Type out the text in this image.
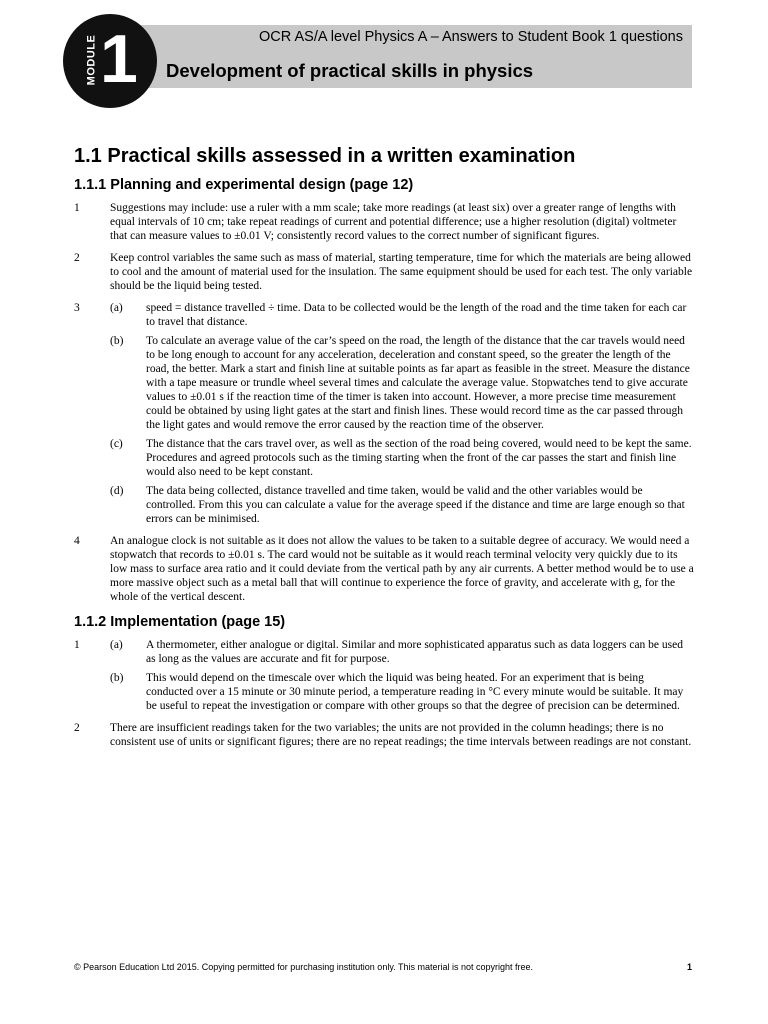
MODULE 1	OCR AS/A level Physics A – Answers to Student Book 1 questions
Development of practical skills in physics
1.1 Practical skills assessed in a written examination
1.1.1 Planning and experimental design (page 12)
1	Suggestions may include: use a ruler with a mm scale; take more readings (at least six) over a greater range of lengths with equal intervals of 10 cm; take repeat readings of current and potential difference; use a higher resolution (digital) voltmeter that can measure values to ±0.01 V; consistently record values to the correct number of significant figures.

2	Keep control variables the same such as mass of material, starting temperature, time for which the materials are being allowed to cool and the amount of material used for the insulation. The same equipment should be used for each test. The only variable should be the liquid being tested.

3	(a)	speed = distance travelled ÷ time. Data to be collected would be the length of the road and the time taken for each car to travel that distance.
(b)	To calculate an average value of the car’s speed on the road, the length of the distance that the car travels would need to be long enough to account for any acceleration, deceleration and constant speed, so the greater the length of the road, the better. Mark a start and finish line at suitable points as far apart as feasible in the street. Measure the distance with a tape measure or trundle wheel several times and calculate the average value. Stopwatches tend to give accurate values to ±0.01 s if the reaction time of the timer is taken into account. However, a more precise time measurement could be obtained by using light gates at the start and finish lines. These would record time as the car passed through the light gates and would remove the error caused by the reaction time of the observer.
(c)	The distance that the cars travel over, as well as the section of the road being covered, would need to be kept the same. Procedures and agreed protocols such as the timing starting when the front of the car passes the start and finish line would also need to be kept constant.
(d)	The data being collected, distance travelled and time taken, would be valid and the other variables would be controlled. From this you can calculate a value for the average speed if the distance and time are large enough so that errors can be minimised.
4	An analogue clock is not suitable as it does not allow the values to be taken to a suitable degree of accuracy. We would need a stopwatch that records to ±0.01 s. The card would not be suitable as it would reach terminal velocity very quickly due to its low mass to surface area ratio and it could deviate from the vertical path by any air currents. A better method would be to use a more massive object such as a metal ball that will continue to experience the force of gravity, and accelerate with g, for the whole of the vertical descent.

1.1.2 Implementation (page 15)
1	(a)	A thermometer, either analogue or digital. Similar and more sophisticated apparatus such as data loggers can be used as long as the values are accurate and fit for purpose.
(b)	This would depend on the timescale over which the liquid was being heated. For an experiment that is being conducted over a 15 minute or 30 minute period, a temperature reading in °C every minute would be suitable. It may be useful to repeat the investigation or compare with other groups so that the degree of precision can be determined.
2	There are insufficient readings taken for the two variables; the units are not provided in the column headings; there is no consistent use of units or significant figures; there are no repeat readings; the time intervals between readings are not constant.

© Pearson Education Ltd 2015. Copying permitted for purchasing institution only. This material is not copyright free.	1
